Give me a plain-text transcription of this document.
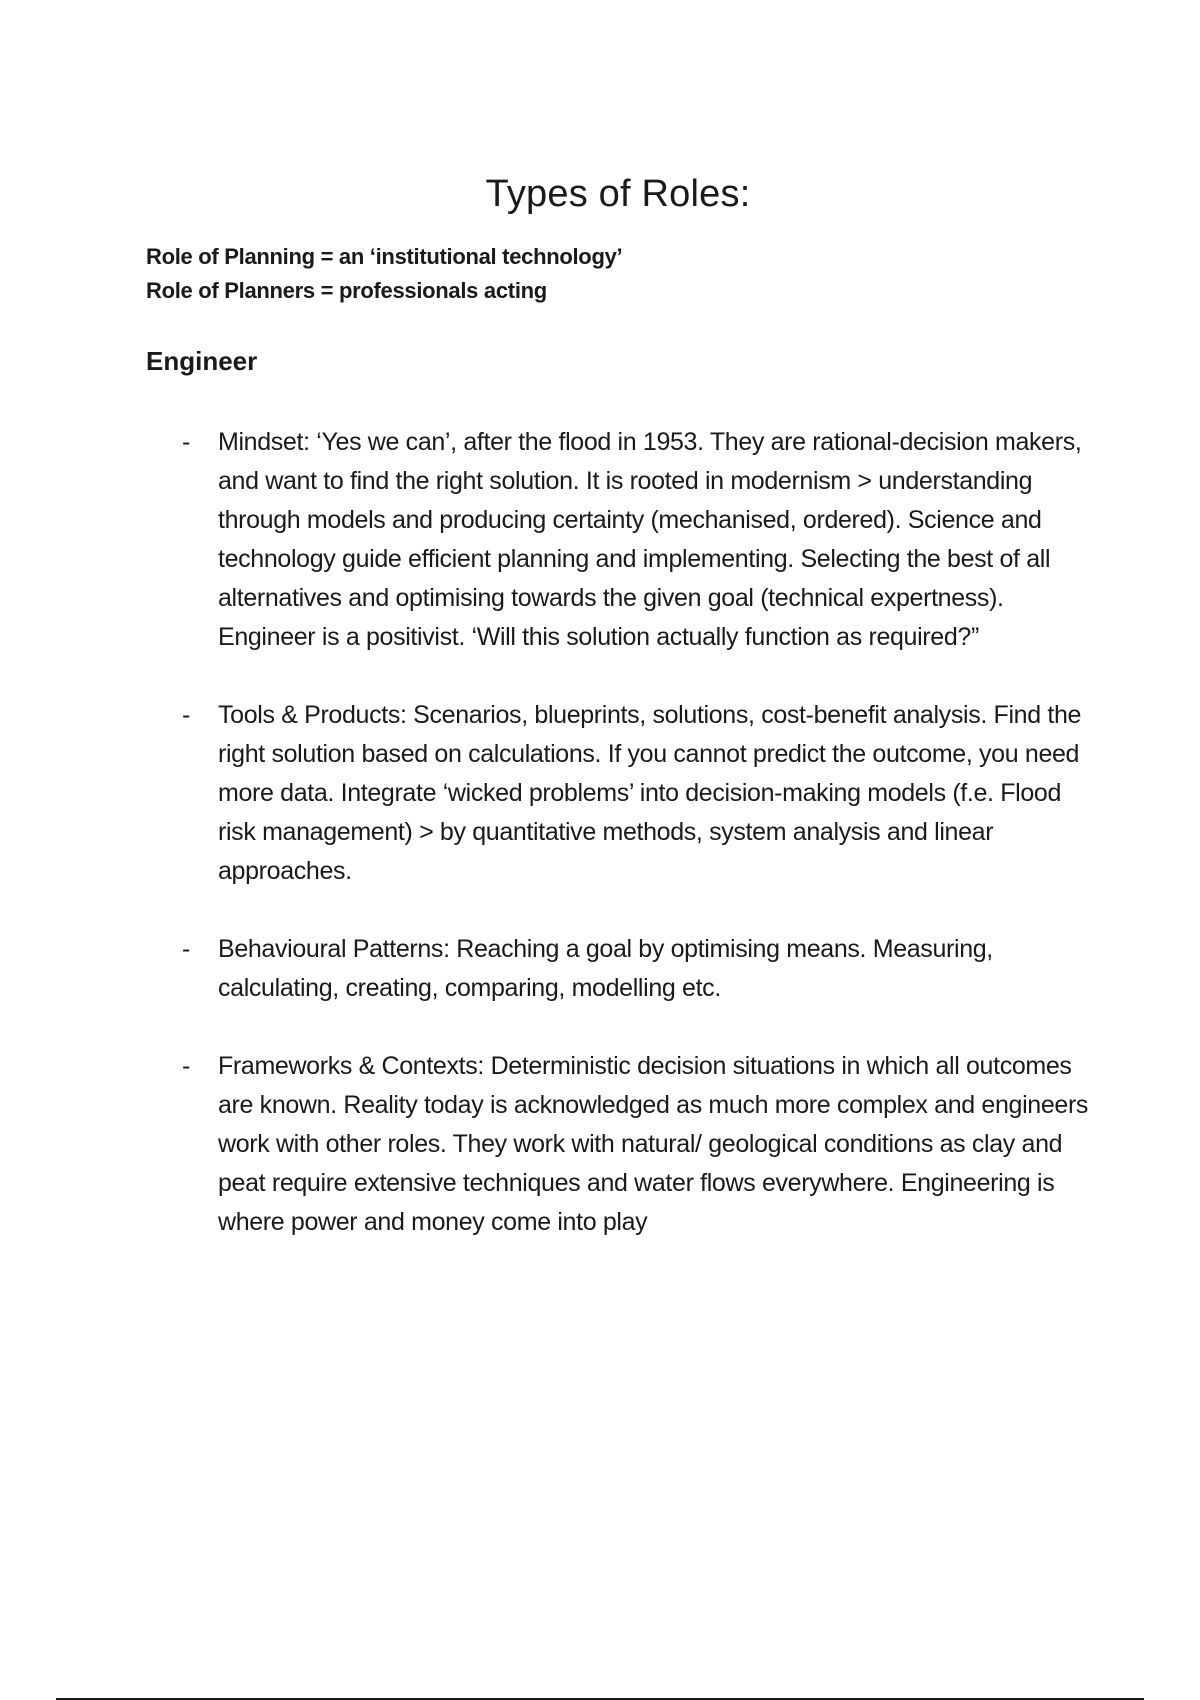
Types of Roles:
Role of Planning = an ‘institutional technology’
Role of Planners = professionals acting
Engineer
- Mindset: ‘Yes we can’, after the flood in 1953. They are rational-decision makers, and want to find the right solution. It is rooted in modernism > understanding through models and producing certainty (mechanised, ordered). Science and technology guide efficient planning and implementing. Selecting the best of all alternatives and optimising towards the given goal (technical expertness). Engineer is a positivist. ‘Will this solution actually function as required?”
- Tools & Products: Scenarios, blueprints, solutions, cost-benefit analysis. Find the right solution based on calculations. If you cannot predict the outcome, you need more data. Integrate ‘wicked problems’ into decision-making models (f.e. Flood risk management) > by quantitative methods, system analysis and linear approaches.
- Behavioural Patterns: Reaching a goal by optimising means. Measuring, calculating, creating, comparing, modelling etc.
- Frameworks & Contexts: Deterministic decision situations in which all outcomes are known. Reality today is acknowledged as much more complex and engineers work with other roles. They work with natural/ geological conditions as clay and peat require extensive techniques and water flows everywhere. Engineering is where power and money come into play
